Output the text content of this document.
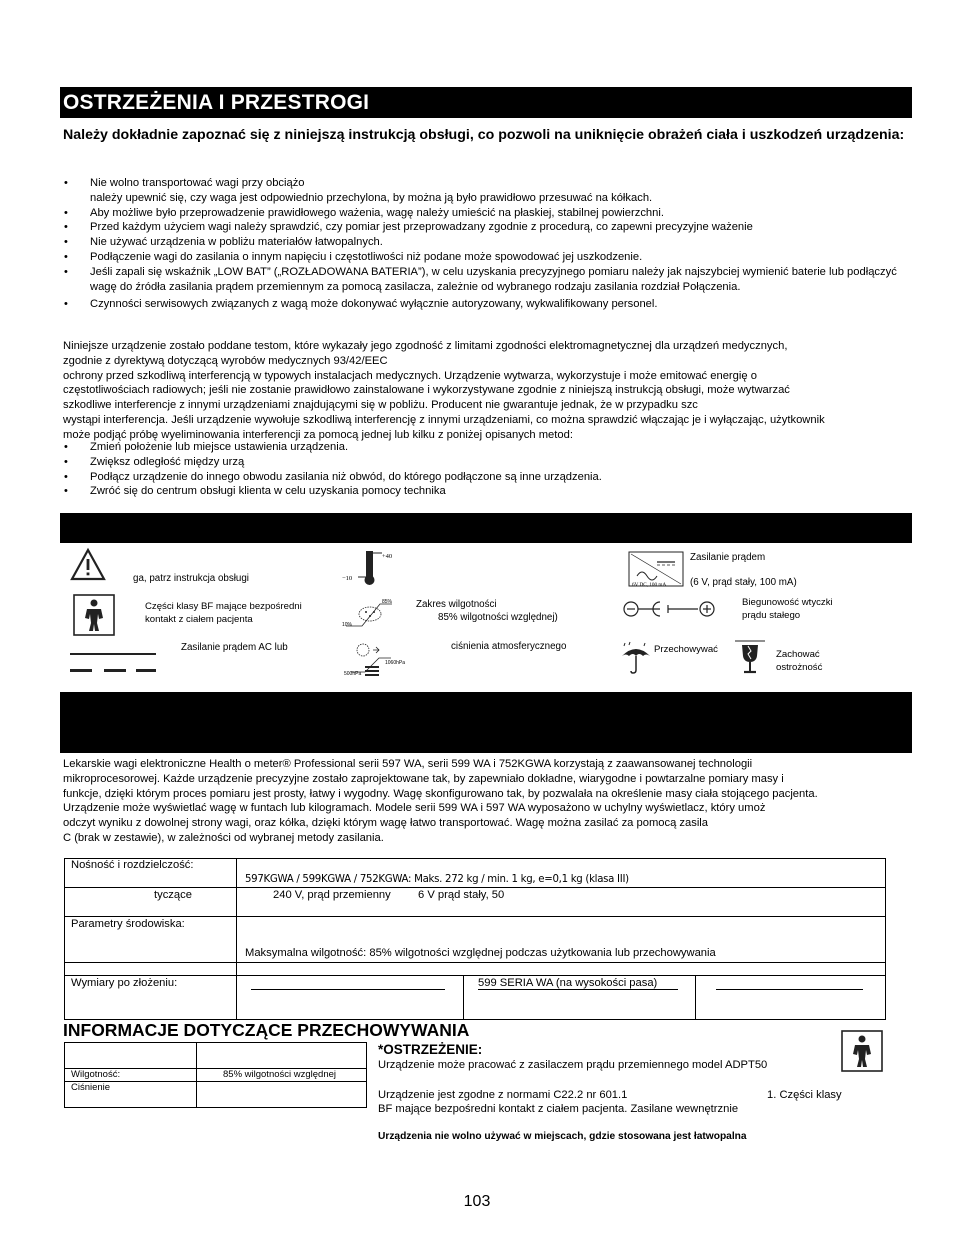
OSTRZEŻENIA I PRZESTROGI
Należy dokładnie zapoznać się z niniejszą instrukcją obsługi, co pozwoli na uniknięcie obrażeń ciała i uszkodzeń urządzenia:
• Nie wolno transportować wagi przy obciążo
należy upewnić się, czy waga jest odpowiednio przechylona, by można ją było prawidłowo przesuwać na kółkach.
• Aby możliwe było przeprowadzenie prawidłowego ważenia, wagę należy umieścić na płaskiej, stabilnej powierzchni.
• Przed każdym użyciem wagi należy sprawdzić, czy pomiar jest przeprowadzany zgodnie z procedurą, co zapewni precyzyjne ważenie
• Nie używać urządzenia w pobliżu materiałów łatwopalnych.
• Podłączenie wagi do zasilania o innym napięciu i częstotliwości niż podane może spowodować jej uszkodzenie.
• Jeśli zapali się wskaźnik „LOW BAT” („ROZŁADOWANA BATERIA”), w celu uzyskania precyzyjnego pomiaru należy jak najszybciej wymienić baterie lub podłączyć wagę do źródła zasilania prądem przemiennym za pomocą zasilacza, zależnie od wybranego rodzaju zasilania rozdział Połączenia.
• Czynności serwisowych związanych z wagą może dokonywać wyłącznie autoryzowany, wykwalifikowany personel.
Niniejsze urządzenie zostało poddane testom, które wykazały jego zgodność z limitami zgodności elektromagnetycznej dla urządzeń medycznych,
zgodnie z dyrektywą dotyczącą wyrobów medycznych 93/42/EEC
ochrony przed szkodliwą interferencją w typowych instalacjach medycznych. Urządzenie wytwarza, wykorzystuje i może emitować energię o
częstotliwościach radiowych; jeśli nie zostanie prawidłowo zainstalowane i wykorzystywane zgodnie z niniejszą instrukcją obsługi, może wytwarzać
szkodliwe interferencje z innymi urządzeniami znajdującymi się w pobliżu. Producent nie gwarantuje jednak, że w przypadku szc
wystąpi interferencja. Jeśli urządzenie wywołuje szkodliwą interferencję z innymi urządzeniami, co można sprawdzić włączając je i wyłączając, użytkownik
może podjąć próbę wyeliminowania interferencji za pomocą jednej lub kilku z poniżej opisanych metod:
• Zmień położenie lub miejsce ustawienia urządzenia.
• Zwiększ odległość między urzą
• Podłącz urządzenie do innego obwodu zasilania niż obwód, do którego podłączone są inne urządzenia.
• Zwróć się do centrum obsługi klienta w celu uzyskania pomocy technika
ga, patrz instrukcja obsługi
+40
−10
6V DC, 100 mA
Zasilanie prądem
(6 V, prąd stały, 100 mA)
Części klasy BF mające bezpośredni
kontakt z ciałem pacjenta
85%
10%
Zakres wilgotności
85% wilgotności względnej)
Biegunowość wtyczki
prądu stałego
Zasilanie prądem AC lub
1060hPa
500hPa
ciśnienia atmosferycznego	Przechowywać	Zachować
ostrożność
Lekarskie wagi elektroniczne Health o meter® Professional serii 597 WA, serii 599 WA i 752KGWA korzystają z zaawansowanej technologii
mikroprocesorowej. Każde urządzenie precyzyjne zostało zaprojektowane tak, by zapewniało dokładne, wiarygodne i powtarzalne pomiary masy i
funkcje, dzięki którym proces pomiaru jest prosty, łatwy i wygodny. Wagę skonfigurowano tak, by pozwalała na określenie masy ciała stojącego pacjenta.
Urządzenie może wyświetlać wagę w funtach lub kilogramach. Modele serii 599 WA i 597 WA wyposażono w uchylny wyświetlacz, który umoż
odczyt wyniku z dowolnej strony wagi, oraz kółka, dzięki którym wagę łatwo transportować. Wagę można zasilać za pomocą zasila
C (brak w zestawie), w zależności od wybranej metody zasilania.
Nośność i rozdzielczość:
597KGWA / 599KGWA / 752KGWA: Maks. 272 kg / min. 1 kg, e=0,1 kg (klasa III)
tyczące	240 V, prąd przemienny 6 V prąd stały, 50
Parametry środowiska:
Maksymalna wilgotność: 85% wilgotności względnej podczas użytkowania lub przechowywania
Wymiary po złożeniu:	599 SERIA WA (na wysokości pasa)
INFORMACJE DOTYCZĄCE PRZECHOWYWANIA
Wilgotność:	85% wilgotności względnej
Ciśnienie
*OSTRZEŻENIE:
Urządzenie może pracować z zasilaczem prądu przemiennego model ADPT50
Urządzenie jest zgodne z normami C22.2 nr 601.1	1. Części klasy
BF mające bezpośredni kontakt z ciałem pacjenta. Zasilane wewnętrznie
Urządzenia nie wolno używać w miejscach, gdzie stosowana jest łatwopalna
103
